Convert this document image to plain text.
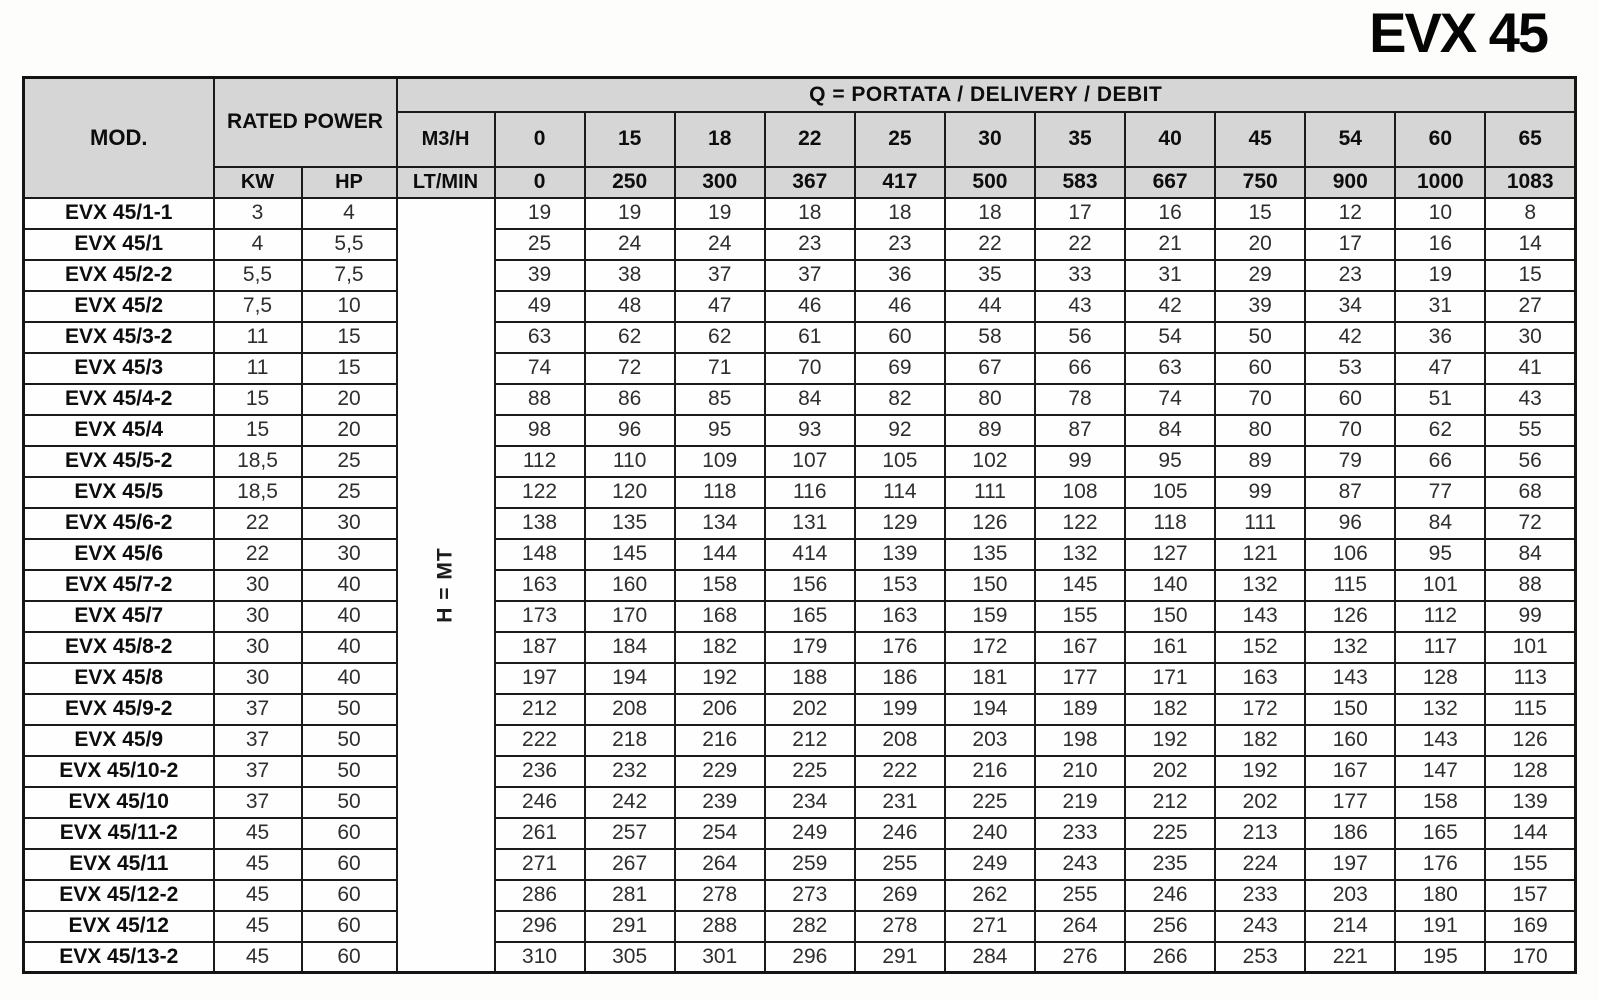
EVX 45
MOD.	RATED POWER		Q = PORTATA / DELIVERY / DEBIT												
			M3/H	0	15	18	22	25	30	35	40	45	54	60	65
	KW	HP	LT/MIN	0	250	300	367	417	500	583	667	750	900	1000	1083
EVX 45/1-1	3	4	H = MT	19	19	19	18	18	18	17	16	15	12	10	8
EVX 45/1	4	5,5		25	24	24	23	23	22	22	21	20	17	16	14
EVX 45/2-2	5,5	7,5		39	38	37	37	36	35	33	31	29	23	19	15
EVX 45/2	7,5	10		49	48	47	46	46	44	43	42	39	34	31	27
EVX 45/3-2	11	15		63	62	62	61	60	58	56	54	50	42	36	30
EVX 45/3	11	15		74	72	71	70	69	67	66	63	60	53	47	41
EVX 45/4-2	15	20		88	86	85	84	82	80	78	74	70	60	51	43
EVX 45/4	15	20		98	96	95	93	92	89	87	84	80	70	62	55
EVX 45/5-2	18,5	25		112	110	109	107	105	102	99	95	89	79	66	56
EVX 45/5	18,5	25		122	120	118	116	114	111	108	105	99	87	77	68
EVX 45/6-2	22	30		138	135	134	131	129	126	122	118	111	96	84	72
EVX 45/6	22	30		148	145	144	414	139	135	132	127	121	106	95	84
EVX 45/7-2	30	40		163	160	158	156	153	150	145	140	132	115	101	88
EVX 45/7	30	40		173	170	168	165	163	159	155	150	143	126	112	99
EVX 45/8-2	30	40		187	184	182	179	176	172	167	161	152	132	117	101
EVX 45/8	30	40		197	194	192	188	186	181	177	171	163	143	128	113
EVX 45/9-2	37	50		212	208	206	202	199	194	189	182	172	150	132	115
EVX 45/9	37	50		222	218	216	212	208	203	198	192	182	160	143	126
EVX 45/10-2	37	50		236	232	229	225	222	216	210	202	192	167	147	128
EVX 45/10	37	50		246	242	239	234	231	225	219	212	202	177	158	139
EVX 45/11-2	45	60		261	257	254	249	246	240	233	225	213	186	165	144
EVX 45/11	45	60		271	267	264	259	255	249	243	235	224	197	176	155
EVX 45/12-2	45	60		286	281	278	273	269	262	255	246	233	203	180	157
EVX 45/12	45	60		296	291	288	282	278	271	264	256	243	214	191	169
EVX 45/13-2	45	60		310	305	301	296	291	284	276	266	253	221	195	170
